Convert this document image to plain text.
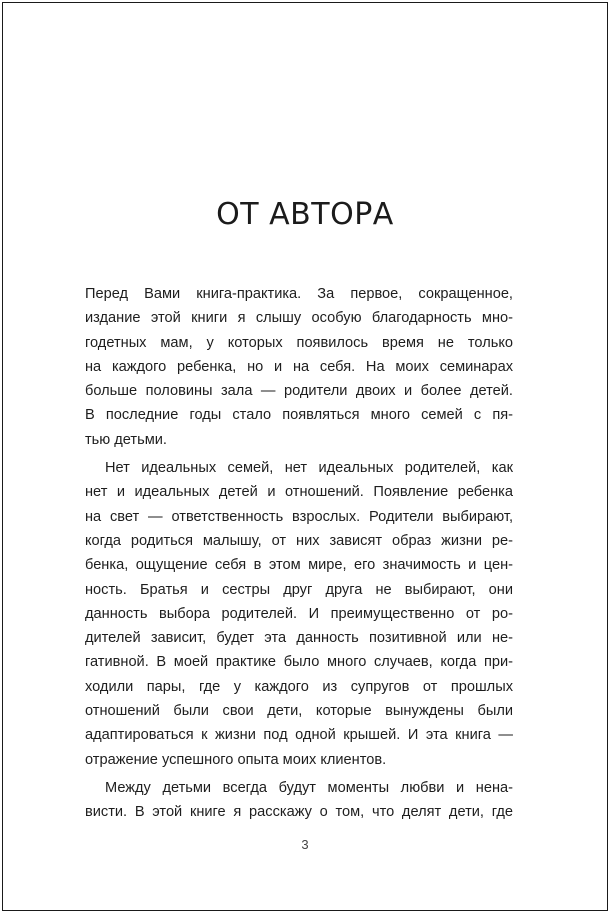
ОТ АВТОРА
Перед Вами книга-практика. За первое, сокращенное,
издание этой книги я слышу особую благодарность мно-
годетных мам, у которых появилось время не только
на каждого ребенка, но и на себя. На моих семинарах
больше половины зала — родители двоих и более детей.
В последние годы стало появляться много семей с пя-
тью детьми.
Нет идеальных семей, нет идеальных родителей, как
нет и идеальных детей и отношений. Появление ребенка
на свет — ответственность взрослых. Родители выбирают,
когда родиться малышу, от них зависят образ жизни ре-
бенка, ощущение себя в этом мире, его значимость и цен-
ность. Братья и сестры друг друга не выбирают, они
данность выбора родителей. И преимущественно от ро-
дителей зависит, будет эта данность позитивной или не-
гативной. В моей практике было много случаев, когда при-
ходили пары, где у каждого из супругов от прошлых
отношений были свои дети, которые вынуждены были
адаптироваться к жизни под одной крышей. И эта книга —
отражение успешного опыта моих клиентов.
Между детьми всегда будут моменты любви и нена-
висти. В этой книге я расскажу о том, что делят дети, где
3
